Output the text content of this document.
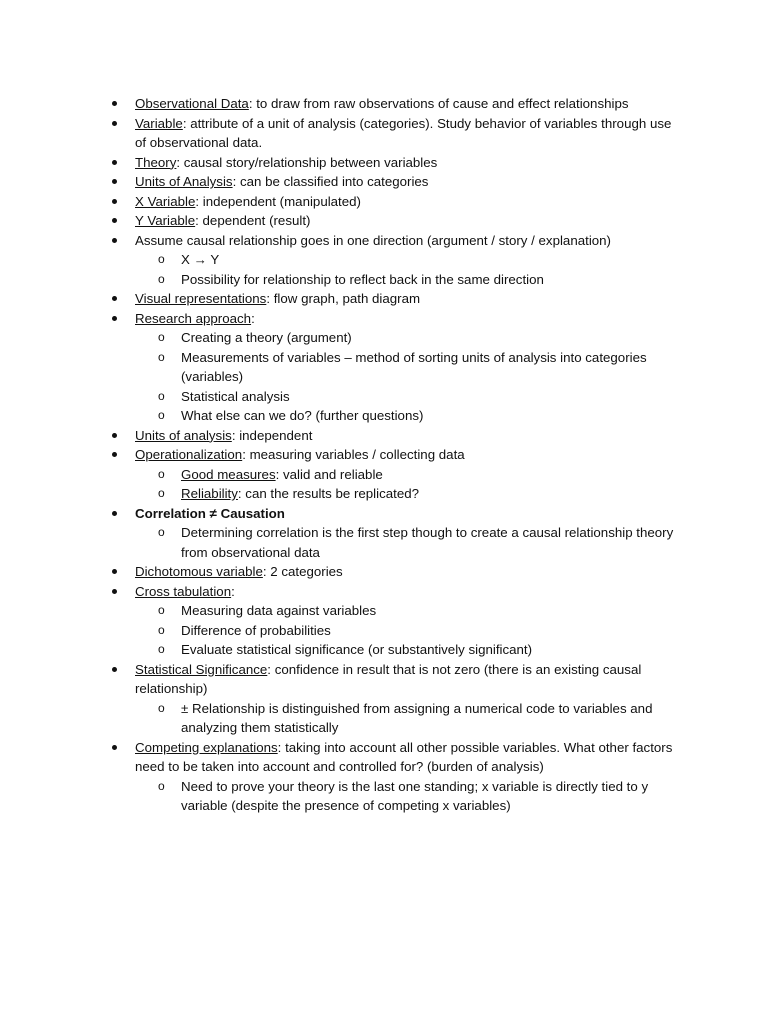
Observational Data: to draw from raw observations of cause and effect relationships
Variable: attribute of a unit of analysis (categories). Study behavior of variables through use of observational data.
Theory: causal story/relationship between variables
Units of Analysis: can be classified into categories
X Variable: independent (manipulated)
Y Variable: dependent (result)
Assume causal relationship goes in one direction (argument / story / explanation)
o X → Y
o Possibility for relationship to reflect back in the same direction
Visual representations: flow graph, path diagram
Research approach:
o Creating a theory (argument)
o Measurements of variables – method of sorting units of analysis into categories (variables)
o Statistical analysis
o What else can we do? (further questions)
Units of analysis: independent
Operationalization: measuring variables / collecting data
o Good measures: valid and reliable
o Reliability: can the results be replicated?
Correlation ≠ Causation
o Determining correlation is the first step though to create a causal relationship theory from observational data
Dichotomous variable: 2 categories
Cross tabulation:
o Measuring data against variables
o Difference of probabilities
o Evaluate statistical significance (or substantively significant)
Statistical Significance: confidence in result that is not zero (there is an existing causal relationship)
o ± Relationship is distinguished from assigning a numerical code to variables and analyzing them statistically
Competing explanations: taking into account all other possible variables. What other factors need to be taken into account and controlled for? (burden of analysis)
o Need to prove your theory is the last one standing; x variable is directly tied to y variable (despite the presence of competing x variables)
